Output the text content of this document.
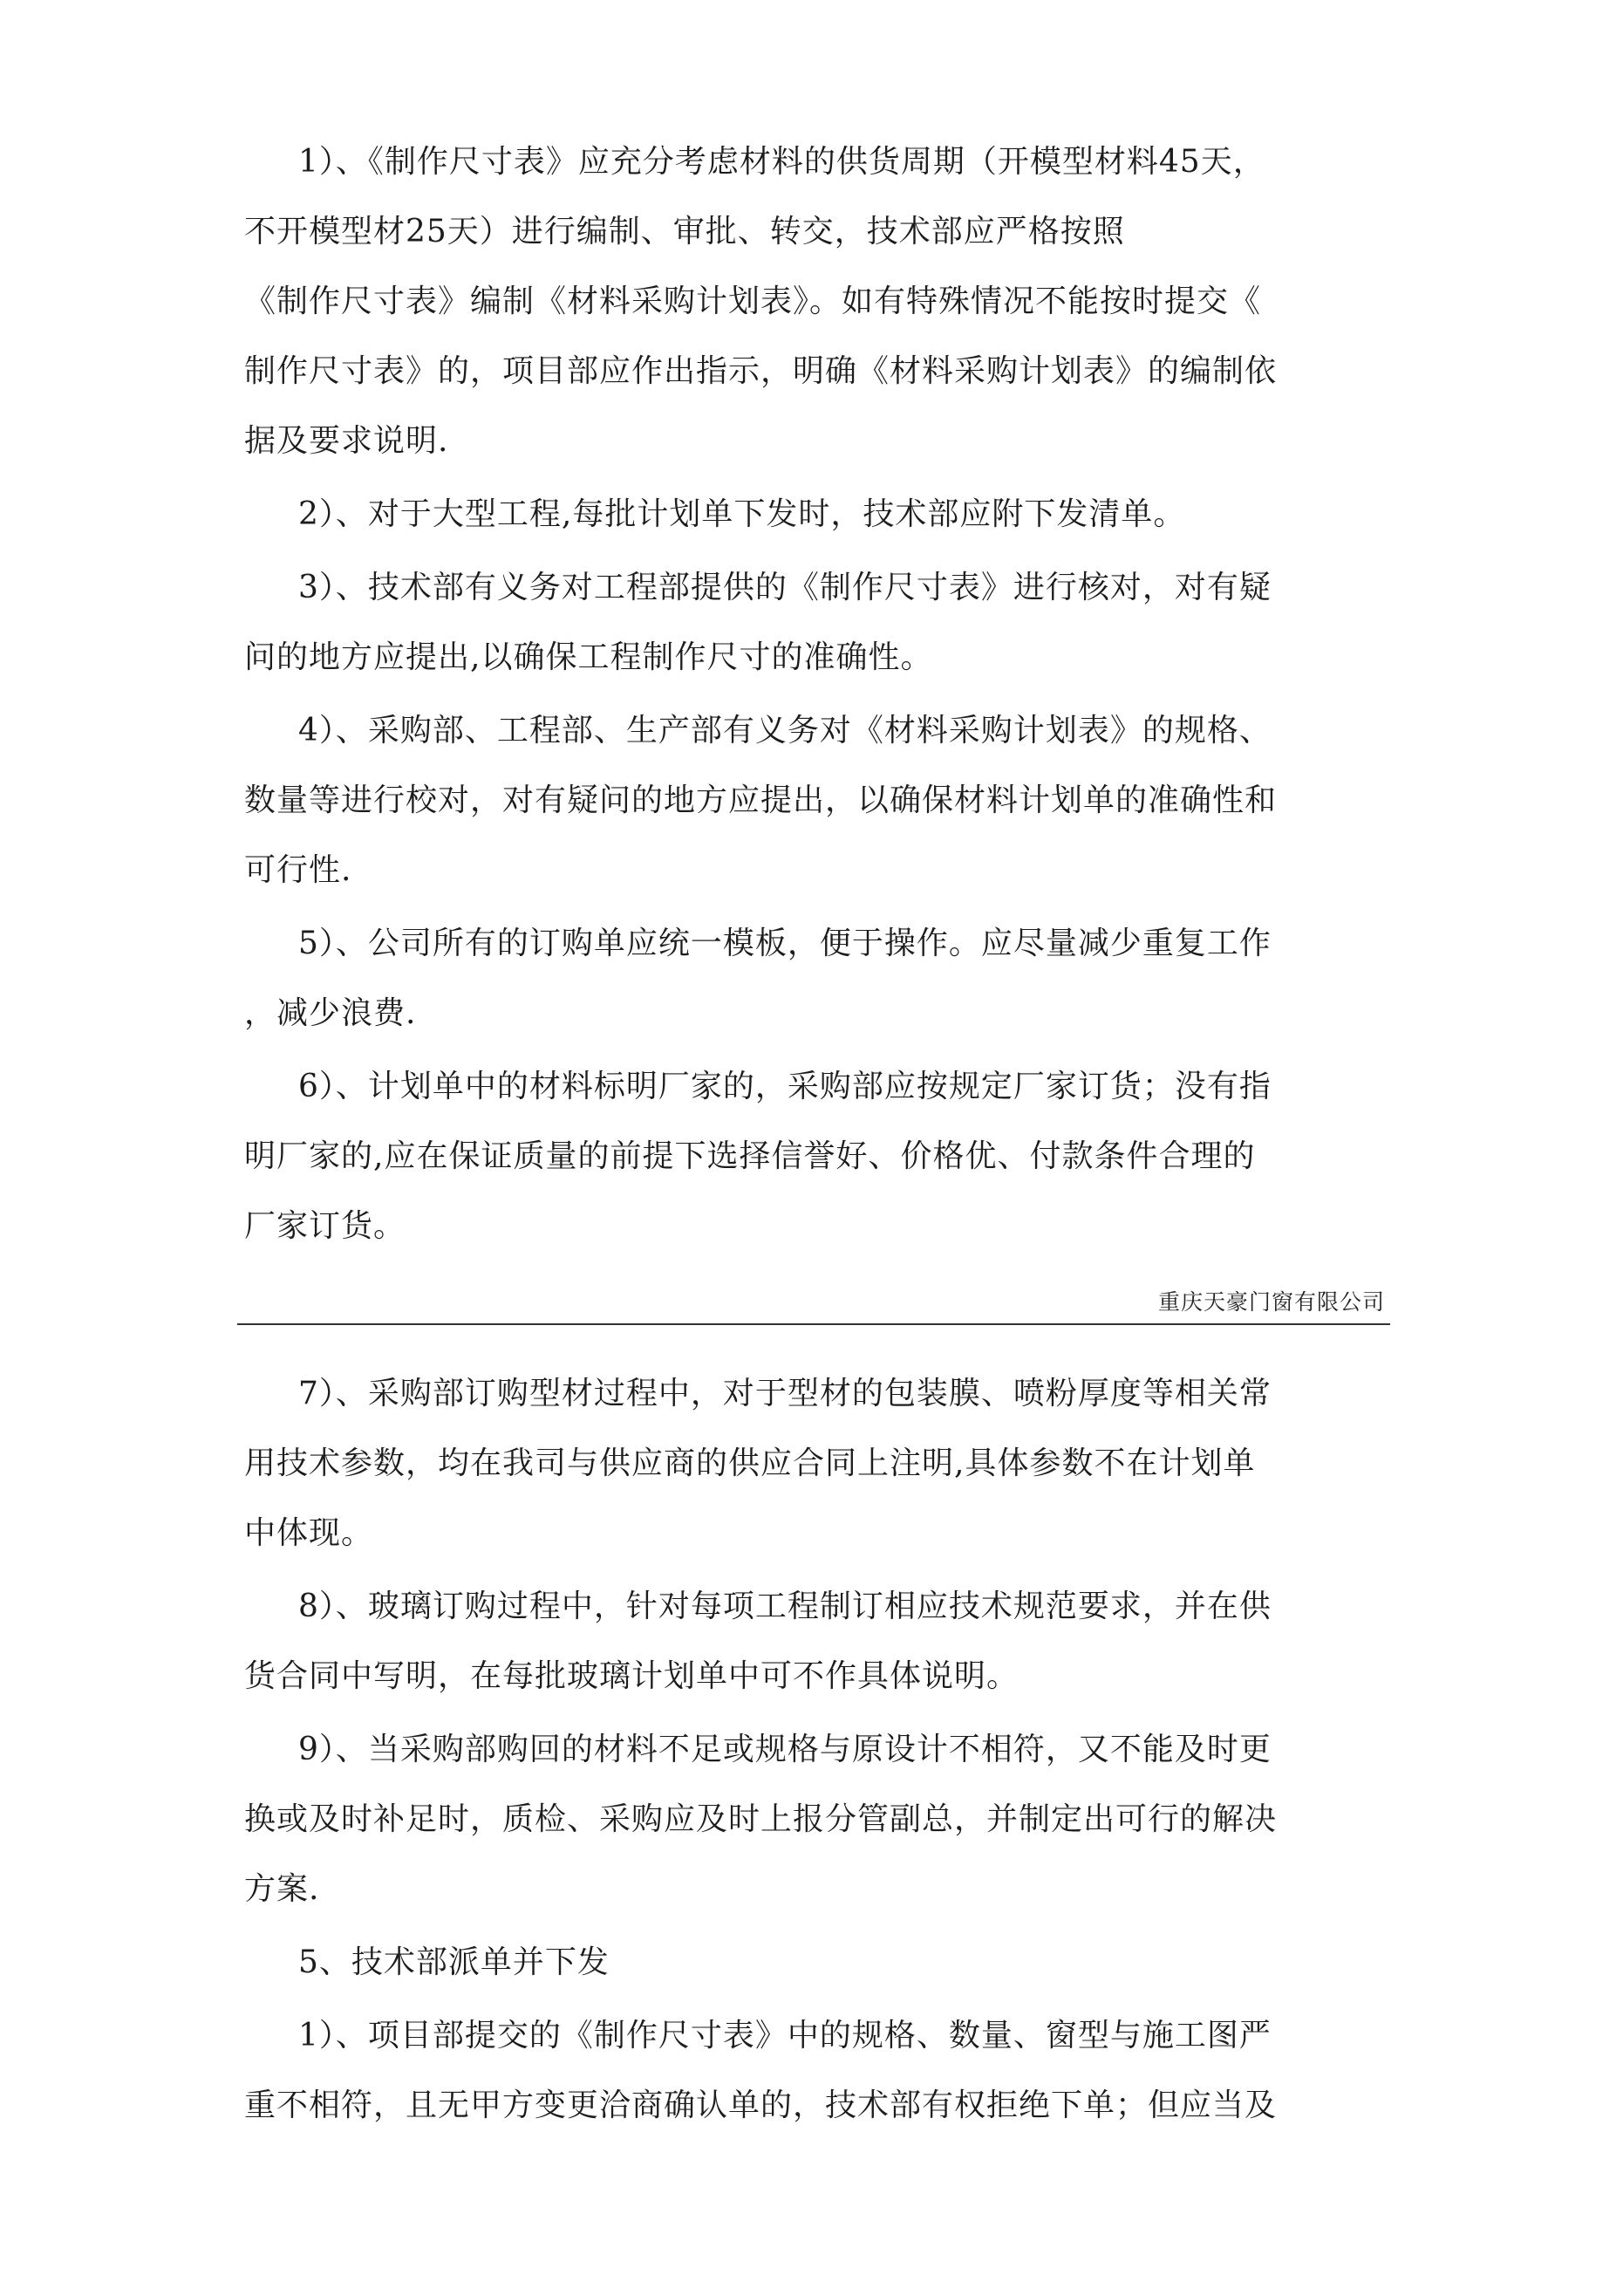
1）、《制作尺寸表》应充分考虑材料的供货周期（开模型材料45天，
不开模型材25天）进行编制、审批、转交，技术部应严格按照
《制作尺寸表》编制《材料采购计划表》。如有特殊情况不能按时提交《
制作尺寸表》的，项目部应作出指示，明确《材料采购计划表》的编制依
据及要求说明.
2）、对于大型工程,每批计划单下发时，技术部应附下发清单。
3）、技术部有义务对工程部提供的《制作尺寸表》进行核对，对有疑
问的地方应提出,以确保工程制作尺寸的准确性。
4）、采购部、工程部、生产部有义务对《材料采购计划表》的规格、
数量等进行校对，对有疑问的地方应提出，以确保材料计划单的准确性和
可行性.
5）、公司所有的订购单应统一模板，便于操作。应尽量减少重复工作
，减少浪费.
6）、计划单中的材料标明厂家的，采购部应按规定厂家订货；没有指
明厂家的,应在保证质量的前提下选择信誉好、价格优、付款条件合理的
厂家订货。
重庆天豪门窗有限公司
7）、采购部订购型材过程中，对于型材的包装膜、喷粉厚度等相关常
用技术参数，均在我司与供应商的供应合同上注明,具体参数不在计划单
中体现。
8）、玻璃订购过程中，针对每项工程制订相应技术规范要求，并在供
货合同中写明，在每批玻璃计划单中可不作具体说明。
9）、当采购部购回的材料不足或规格与原设计不相符，又不能及时更
换或及时补足时，质检、采购应及时上报分管副总，并制定出可行的解决
方案.
5、技术部派单并下发
1）、项目部提交的《制作尺寸表》中的规格、数量、窗型与施工图严
重不相符，且无甲方变更洽商确认单的，技术部有权拒绝下单；但应当及
